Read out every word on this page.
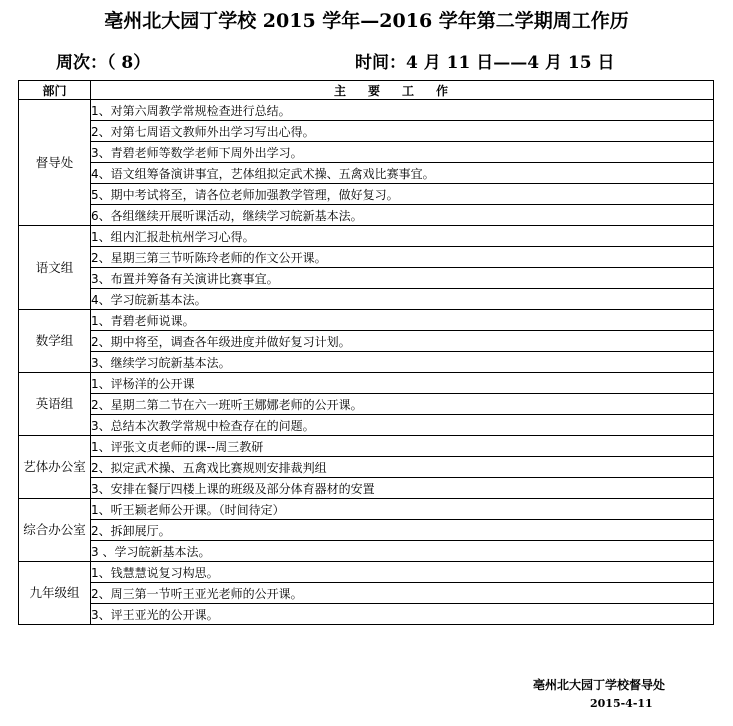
亳州北大园丁学校 2015 学年—2016 学年第二学期周工作历
周次：（ 8）	时间：4 月 11 日——4 月 15 日
部门	主要工作
督导处	1、对第六周教学常规检查进行总结。
	2、对第七周语文教师外出学习写出心得。
	3、青碧老师等数学老师下周外出学习。
	4、语文组筹备演讲事宜，艺体组拟定武术操、五禽戏比赛事宜。
	5、期中考试将至，请各位老师加强教学管理，做好复习。
	6、各组继续开展听课活动，继续学习皖新基本法。
语文组	1、组内汇报赴杭州学习心得。
	2、星期三第三节听陈玲老师的作文公开课。
	3、布置并筹备有关演讲比赛事宜。
	4、学习皖新基本法。
数学组	1、青碧老师说课。
	2、期中将至，调查各年级进度并做好复习计划。
	3、继续学习皖新基本法。
英语组	1、评杨洋的公开课
	2、星期二第二节在六一班听王娜娜老师的公开课。
	3、总结本次教学常规中检查存在的问题。
艺体办公室	1、评张文贞老师的课--周三教研
	2、拟定武术操、五禽戏比赛规则安排裁判组
	3、安排在餐厅四楼上课的班级及部分体育器材的安置
综合办公室	1、听王颖老师公开课。（时间待定）
	2、拆卸展厅。
	3 、学习皖新基本法。
九年级组	1、钱慧慧说复习构思。
	2、周三第一节听王亚光老师的公开课。
	3、评王亚光的公开课。
亳州北大园丁学校督导处
2015-4-11
